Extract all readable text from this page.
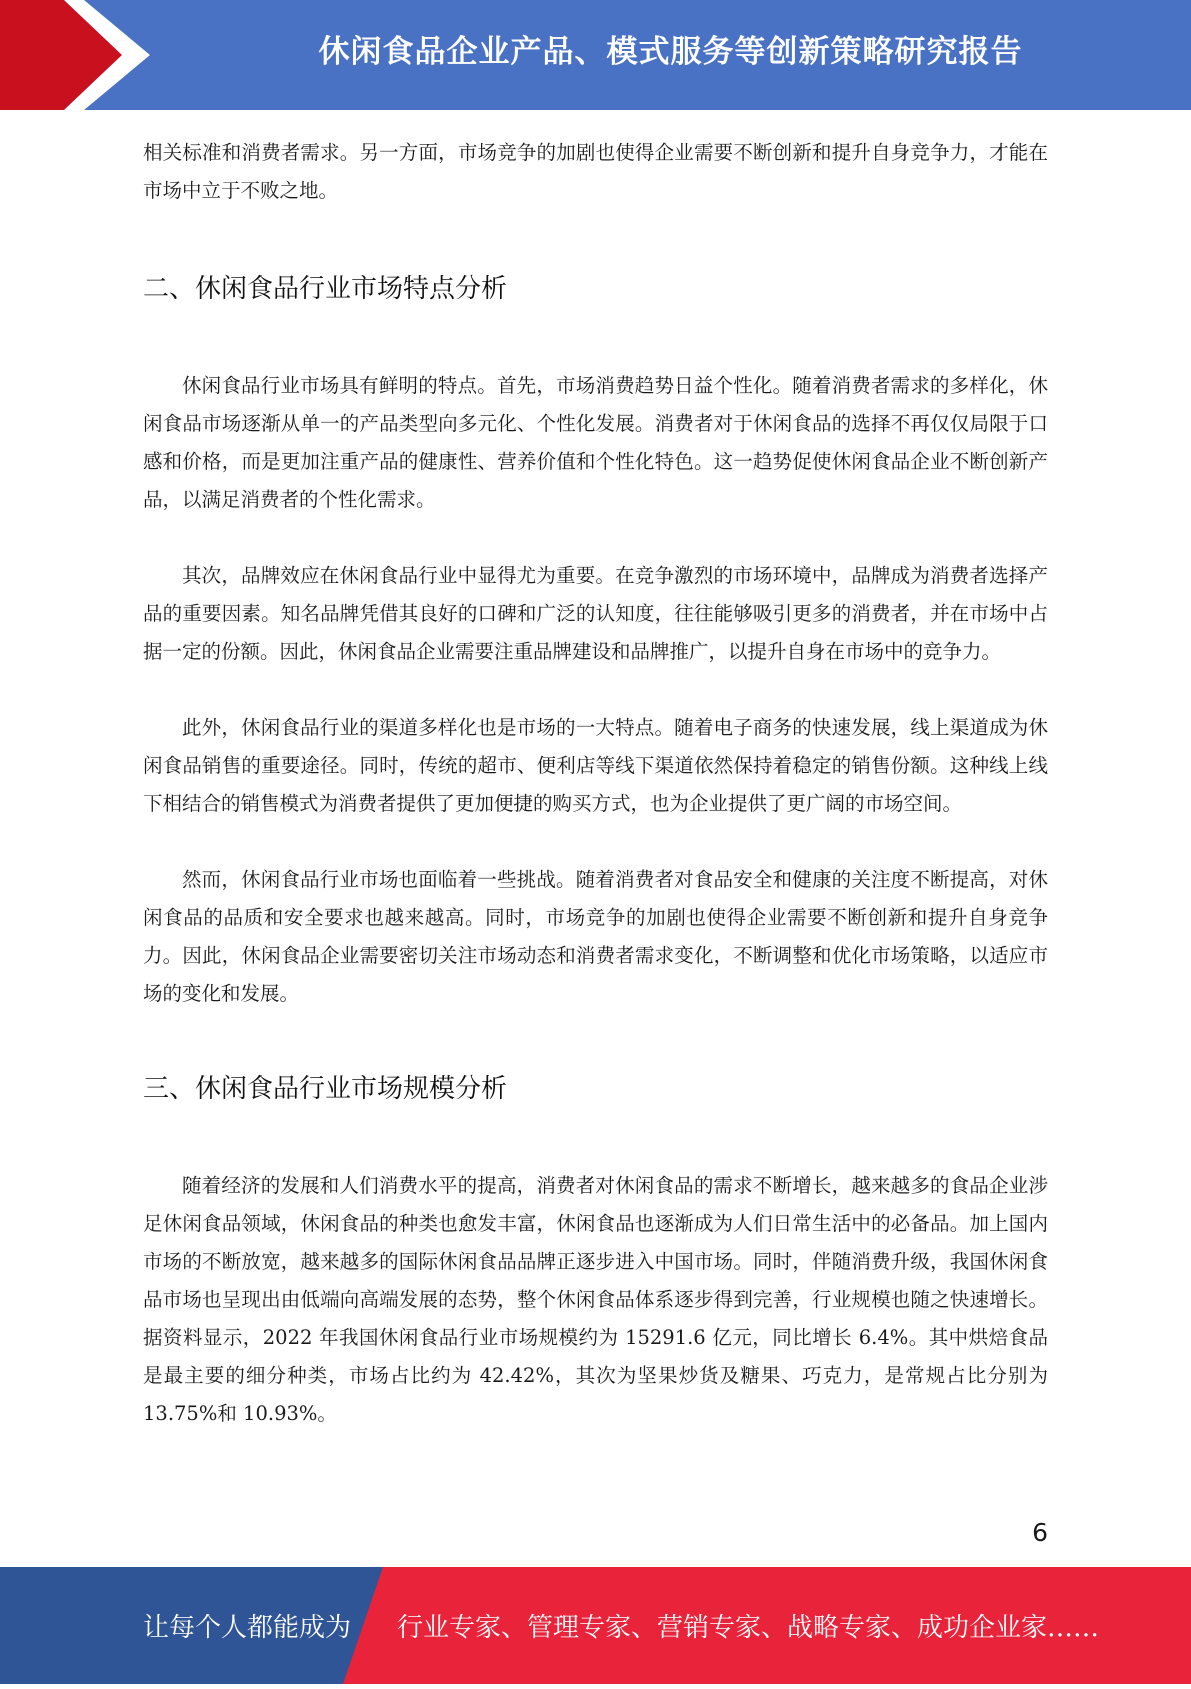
休闲食品企业产品、模式服务等创新策略研究报告

相关标准和消费者需求。另一方面，市场竞争的加剧也使得企业需要不断创新和提升自身竞争力，才能在市场中立于不败之地。

二、休闲食品行业市场特点分析

休闲食品行业市场具有鲜明的特点。首先，市场消费趋势日益个性化。随着消费者需求的多样化，休闲食品市场逐渐从单一的产品类型向多元化、个性化发展。消费者对于休闲食品的选择不再仅仅局限于口感和价格，而是更加注重产品的健康性、营养价值和个性化特色。这一趋势促使休闲食品企业不断创新产品，以满足消费者的个性化需求。

其次，品牌效应在休闲食品行业中显得尤为重要。在竞争激烈的市场环境中，品牌成为消费者选择产品的重要因素。知名品牌凭借其良好的口碑和广泛的认知度，往往能够吸引更多的消费者，并在市场中占据一定的份额。因此，休闲食品企业需要注重品牌建设和品牌推广，以提升自身在市场中的竞争力。

此外，休闲食品行业的渠道多样化也是市场的一大特点。随着电子商务的快速发展，线上渠道成为休闲食品销售的重要途径。同时，传统的超市、便利店等线下渠道依然保持着稳定的销售份额。这种线上线下相结合的销售模式为消费者提供了更加便捷的购买方式，也为企业提供了更广阔的市场空间。

然而，休闲食品行业市场也面临着一些挑战。随着消费者对食品安全和健康的关注度不断提高，对休闲食品的品质和安全要求也越来越高。同时，市场竞争的加剧也使得企业需要不断创新和提升自身竞争力。因此，休闲食品企业需要密切关注市场动态和消费者需求变化，不断调整和优化市场策略，以适应市场的变化和发展。

三、休闲食品行业市场规模分析

随着经济的发展和人们消费水平的提高，消费者对休闲食品的需求不断增长，越来越多的食品企业涉足休闲食品领域，休闲食品的种类也愈发丰富，休闲食品也逐渐成为人们日常生活中的必备品。加上国内市场的不断放宽，越来越多的国际休闲食品品牌正逐步进入中国市场。同时，伴随消费升级，我国休闲食品市场也呈现出由低端向高端发展的态势，整个休闲食品体系逐步得到完善，行业规模也随之快速增长。据资料显示，2022 年我国休闲食品行业市场规模约为 15291.6 亿元，同比增长 6.4%。其中烘焙食品是最主要的细分种类，市场占比约为 42.42%，其次为坚果炒货及糖果、巧克力，是常规占比分别为 13.75%和 10.93%。

6
让每个人都能成为 行业专家、管理专家、营销专家、战略专家、成功企业家……
